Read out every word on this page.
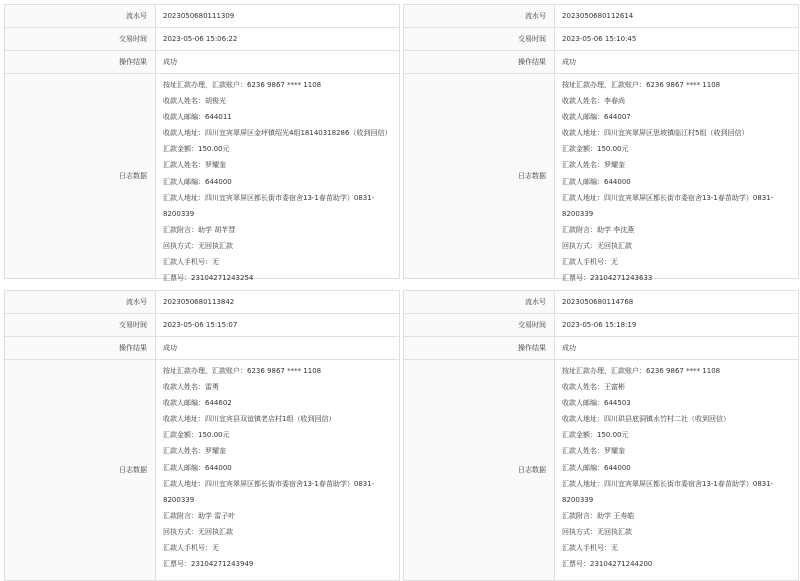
流水号	2023050680111309
交易时间	2023-05-06 15:06:22
操作结果	成功
日志数据
按址汇款办理，汇款账户：6236 9867 **** 1108
收款人姓名：胡俊光
收款人邮编：644011
收款人地址：四川宜宾翠屏区金坪镇绍光4组18140318286（收到回信）
汇款金额：150.00元
汇款人姓名：罗耀奎
汇款人邮编：644000
汇款人地址：四川宜宾翠屏区都长街市委宿舍13-1春苗助学）0831-8200339
汇款附言：助学 胡芊彗
回执方式：无回执汇款
汇款人手机号：无
汇票号：23104271243254
流水号	2023050680112614
交易时间	2023-05-06 15:10:45
操作结果	成功
日志数据
按址汇款办理，汇款账户：6236 9867 **** 1108
收款人姓名：李春尚
收款人邮编：644007
收款人地址：四川宜宾翠屏区思坡镇临江村5组（收到回信）
汇款金额：150.00元
汇款人姓名：罗耀奎
汇款人邮编：644000
汇款人地址：四川宜宾翠屏区都长街市委宿舍13-1春苗助学）0831-8200339
汇款附言：助学 李沈燕
回执方式：无回执汇款
汇款人手机号：无
汇票号：23104271243633
流水号	2023050680113842
交易时间	2023-05-06 15:15:07
操作结果	成功
日志数据
按址汇款办理，汇款账户：6236 9867 **** 1108
收款人姓名：雷勇
收款人邮编：644602
收款人地址：四川宜宾县双谊镇老店村1组（收到回信）
汇款金额：150.00元
汇款人姓名：罗耀奎
汇款人邮编：644000
汇款人地址：四川宜宾翠屏区都长街市委宿舍13-1春苗助学）0831-8200339
汇款附言：助学 雷子叶
回执方式：无回执汇款
汇款人手机号：无
汇票号：23104271243949
流水号	2023050680114768
交易时间	2023-05-06 15:18:19
操作结果	成功
日志数据
按址汇款办理，汇款账户：6236 9867 **** 1108
收款人姓名：王富彬
收款人邮编：644503
收款人地址：四川珙县底洞镇水竹村二社（收到回信）
汇款金额：150.00元
汇款人姓名：罗耀奎
汇款人邮编：644000
汇款人地址：四川宜宾翠屏区都长街市委宿舍13-1春苗助学）0831-8200339
汇款附言：助学 王寿皓
回执方式：无回执汇款
汇款人手机号：无
汇票号：23104271244200
